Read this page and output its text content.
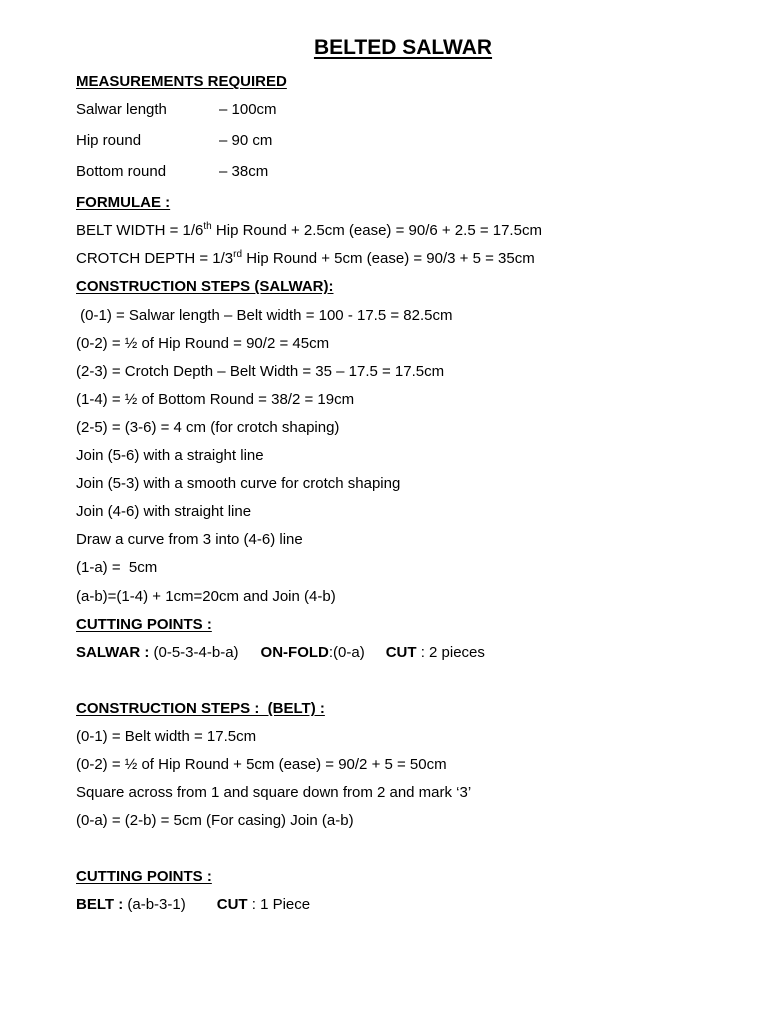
BELTED SALWAR
MEASUREMENTS REQUIRED
Salwar length	– 100cm
Hip round	– 90 cm
Bottom round	– 38cm
FORMULAE :
BELT WIDTH = 1/6th Hip Round + 2.5cm (ease) = 90/6 + 2.5 = 17.5cm
CROTCH DEPTH = 1/3rd Hip Round + 5cm (ease) = 90/3 + 5 = 35cm
CONSTRUCTION STEPS (SALWAR):
(0-1) = Salwar length – Belt width = 100 - 17.5 = 82.5cm
(0-2) = ½ of Hip Round = 90/2 = 45cm
(2-3) = Crotch Depth – Belt Width = 35 – 17.5 = 17.5cm
(1-4) = ½ of Bottom Round = 38/2 = 19cm
(2-5) = (3-6) = 4 cm (for crotch shaping)
Join (5-6) with a straight line
Join (5-3) with a smooth curve for crotch shaping
Join (4-6) with straight line
Draw a curve from 3 into (4-6) line
(1-a) =  5cm
(a-b)=(1-4) + 1cm=20cm and Join (4-b)
CUTTING POINTS :
SALWAR : (0-5-3-4-b-a) ON-FOLD:(0-a) CUT : 2 pieces
CONSTRUCTION STEPS :  (BELT) :
(0-1) = Belt width = 17.5cm
(0-2) = ½ of Hip Round + 5cm (ease) = 90/2 + 5 = 50cm
Square across from 1 and square down from 2 and mark ‘3’
(0-a) = (2-b) = 5cm (For casing) Join (a-b)
CUTTING POINTS :
BELT : (a-b-3-1) CUT : 1 Piece
